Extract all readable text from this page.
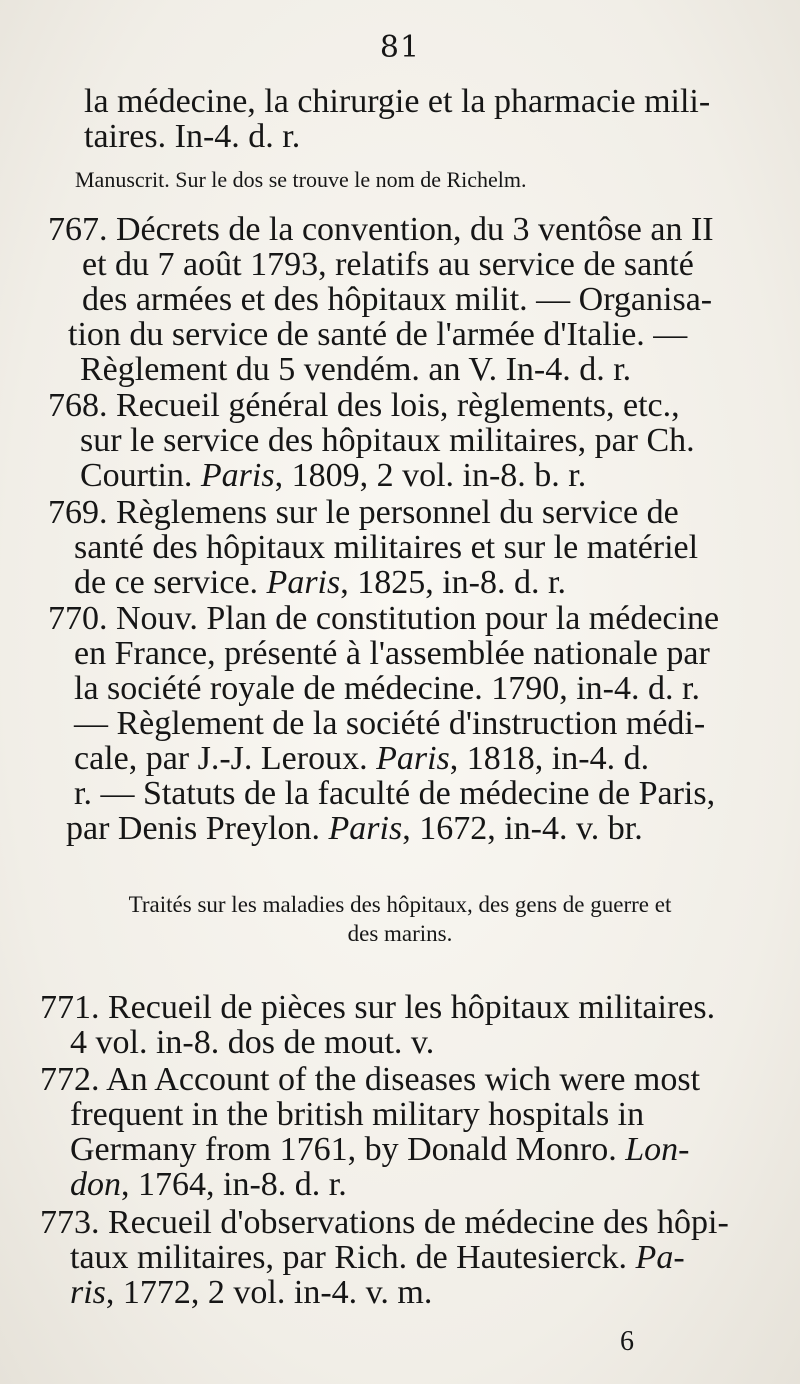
81
la médecine, la chirurgie et la pharmacie mili-
taires. In-4. d. r.
Manuscrit. Sur le dos se trouve le nom de Richelm.
767. Décrets de la convention, du 3 ventôse an II
et du 7 août 1793, relatifs au service de santé
des armées et des hôpitaux milit. — Organisa-
tion du service de santé de l'armée d'Italie. —
Règlement du 5 vendém. an V. In-4. d. r.
768. Recueil général des lois, règlements, etc.,
sur le service des hôpitaux militaires, par Ch.
Courtin. Paris, 1809, 2 vol. in-8. b. r.
769. Règlemens sur le personnel du service de
santé des hôpitaux militaires et sur le matériel
de ce service. Paris, 1825, in-8. d. r.
770. Nouv. Plan de constitution pour la médecine
en France, présenté à l'assemblée nationale par
la société royale de médecine. 1790, in-4. d. r.
— Règlement de la société d'instruction médi-
cale, par J.-J. Leroux. Paris, 1818, in-4. d.
r. — Statuts de la faculté de médecine de Paris,
par Denis Preylon. Paris, 1672, in-4. v. br.
Traités sur les maladies des hôpitaux, des gens de guerre et
des marins.
771. Recueil de pièces sur les hôpitaux militaires.
4 vol. in-8. dos de mout. v.
772. An Account of the diseases wich were most
frequent in the british military hospitals in
Germany from 1761, by Donald Monro. Lon-
don, 1764, in-8. d. r.
773. Recueil d'observations de médecine des hôpi-
taux militaires, par Rich. de Hautesierck. Pa-
ris, 1772, 2 vol. in-4. v. m.
6
